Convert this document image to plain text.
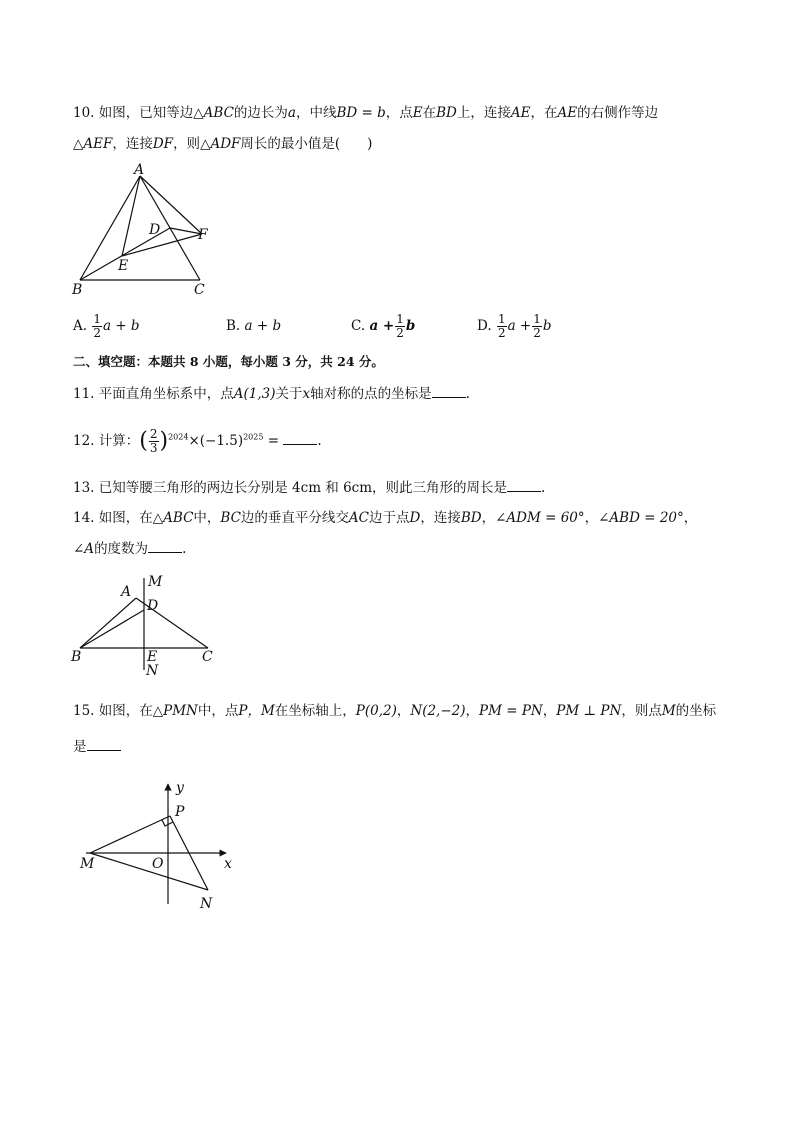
10. 如图，已知等边△ABC的边长为a，中线BD = b，点E在BD上，连接AE，在AE的右侧作等边
△AEF，连接DF，则△ADF周长的最小值是(　　)
A
B	C
D
E
F
A. $\frac{1}{2}$ a + b	B. a + b	C. $a + \frac{1}{2}$ b	D. $\frac{1}{2}$ $a + \frac{1}{2}$ b
二、填空题：本题共 8 小题，每小题 3 分，共 24 分。
11. 平面直角坐标系中，点A(1,3)关于x轴对称的点的坐标是	.
12. 计算：( $\frac{2}{3} )^{2024}\times(-1.5)^{2025}$ =	.
13. 已知等腰三角形的两边长分别是 4cm 和 6cm，则此三角形的周长是	.
14. 如图，在△ABC中，BC边的垂直平分线交AC边于点D，连接BD，∠ADM = 60°，∠ABD = 20°，
∠A的度数为	.
A
M
D
B	E	C
N
15. 如图，在△PMN中，点P，M在坐标轴上，P(0,2)，N(2,−2)，PM = PN，PM ⊥ PN，则点M的坐标
是
y
P
O	x
M
N
